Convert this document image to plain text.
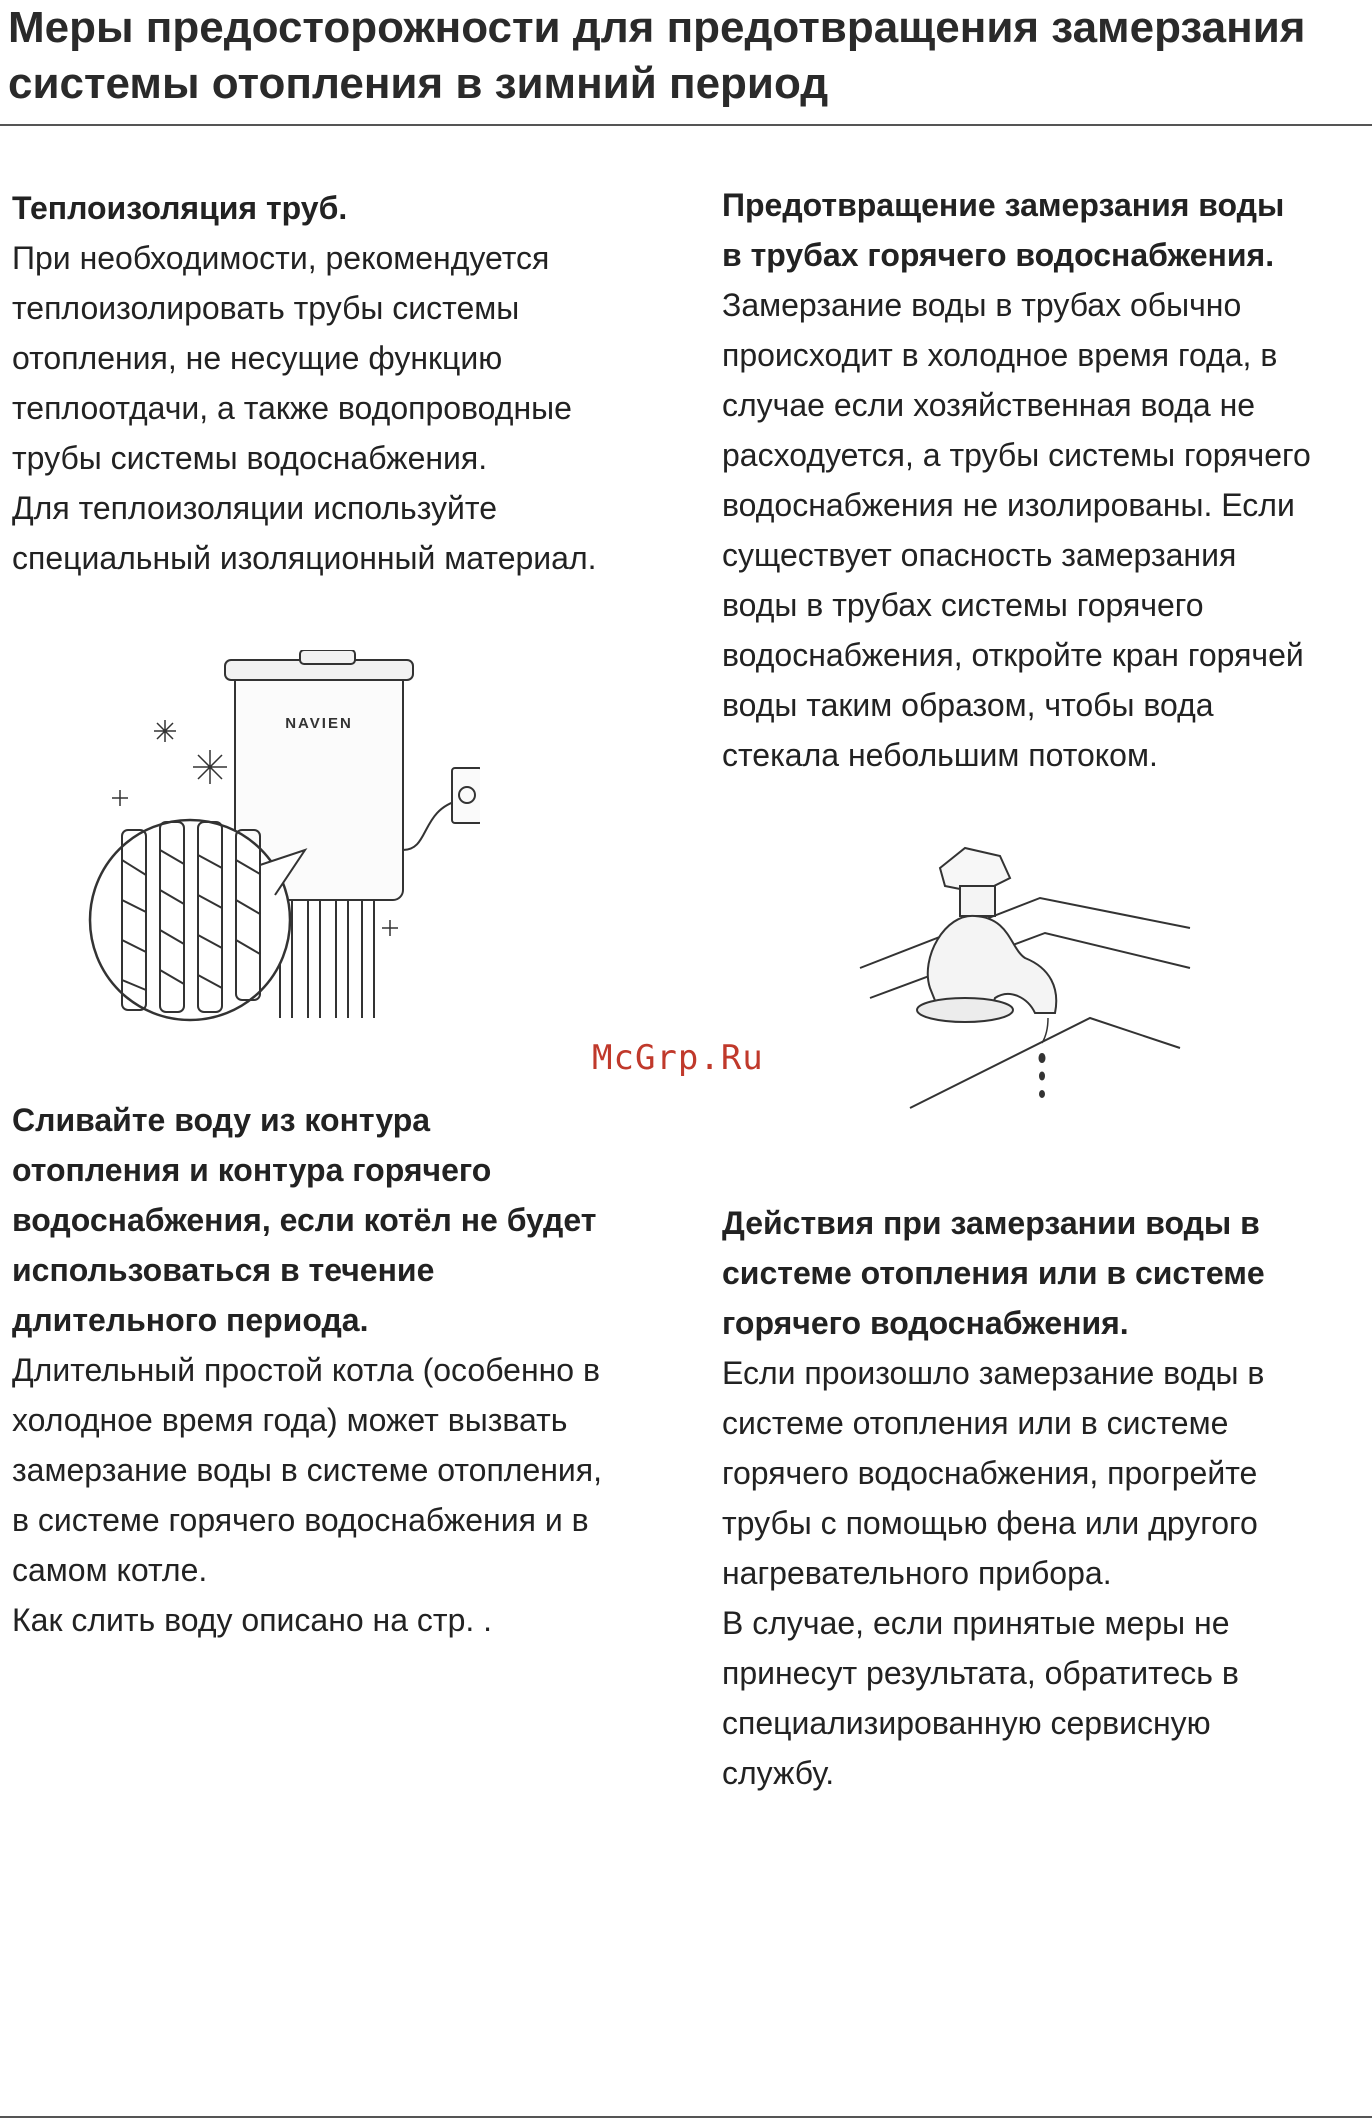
Меры предосторожности для предотвращения замерзания системы отопления в зимний период
Теплоизоляция труб.

При необходимости, рекомендуется теплоизолировать трубы системы отопления, не несущие функцию теплоотдачи, а также водопроводные трубы системы водоснабжения.

Для теплоизоляции используйте специальный изоляционный материал.

Предотвращение замерзания воды в трубах горячего водоснабжения.

Замерзание воды в трубах обычно происходит в холодное время года, в случае если хозяйственная вода не расходуется, а трубы системы горячего водоснабжения не изолированы. Если существует опасность замерзания воды в трубах системы горячего водоснабжения, откройте кран горячей воды таким образом, чтобы вода стекала небольшим потоком.

NAVIEN
McGrp.Ru
Сливайте воду из контура отопления и контура горячего водоснабжения, если котёл не будет использоваться в течение длительного периода.

Длительный простой котла (особенно в холодное время года) может вызвать замерзание воды в системе отопления, в системе горячего водоснабжения и в самом котле.

Как слить воду описано на стр. .

Действия при замерзании воды в системе отопления или в системе горячего водоснабжения.

Если произошло замерзание воды в системе отопления или в системе горячего водоснабжения, прогрейте трубы с помощью фена или другого нагревательного прибора.

В случае, если принятые меры не принесут результата, обратитесь в специализированную сервисную службу.
